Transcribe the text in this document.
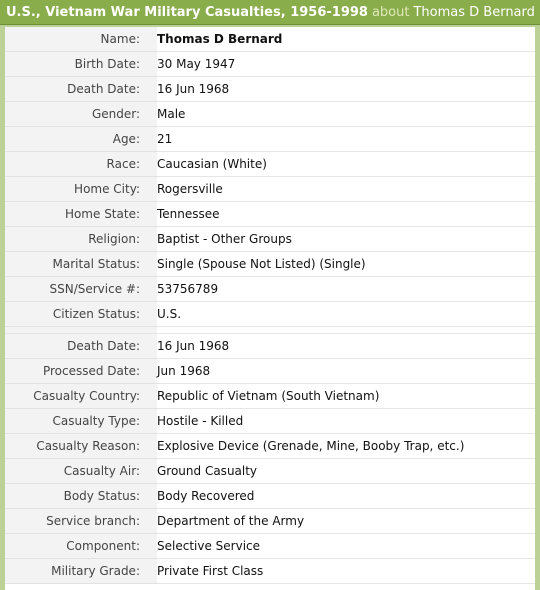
U.S., Vietnam War Military Casualties, 1956-1998 about Thomas D Bernard
Name:	Thomas D Bernard
Birth Date:	30 May 1947
Death Date:	16 Jun 1968
Gender:	Male
Age:	21
Race:	Caucasian (White)
Home City:	Rogersville
Home State:	Tennessee
Religion:	Baptist - Other Groups
Marital Status:	Single (Spouse Not Listed) (Single)
SSN/Service #:	53756789
Citizen Status:	U.S.

Death Date:	16 Jun 1968
Processed Date:	Jun 1968
Casualty Country:	Republic of Vietnam (South Vietnam)
Casualty Type:	Hostile - Killed
Casualty Reason:	Explosive Device (Grenade, Mine, Booby Trap, etc.)
Casualty Air:	Ground Casualty
Body Status:	Body Recovered
Service branch:	Department of the Army
Component:	Selective Service
Military Grade:	Private First Class
